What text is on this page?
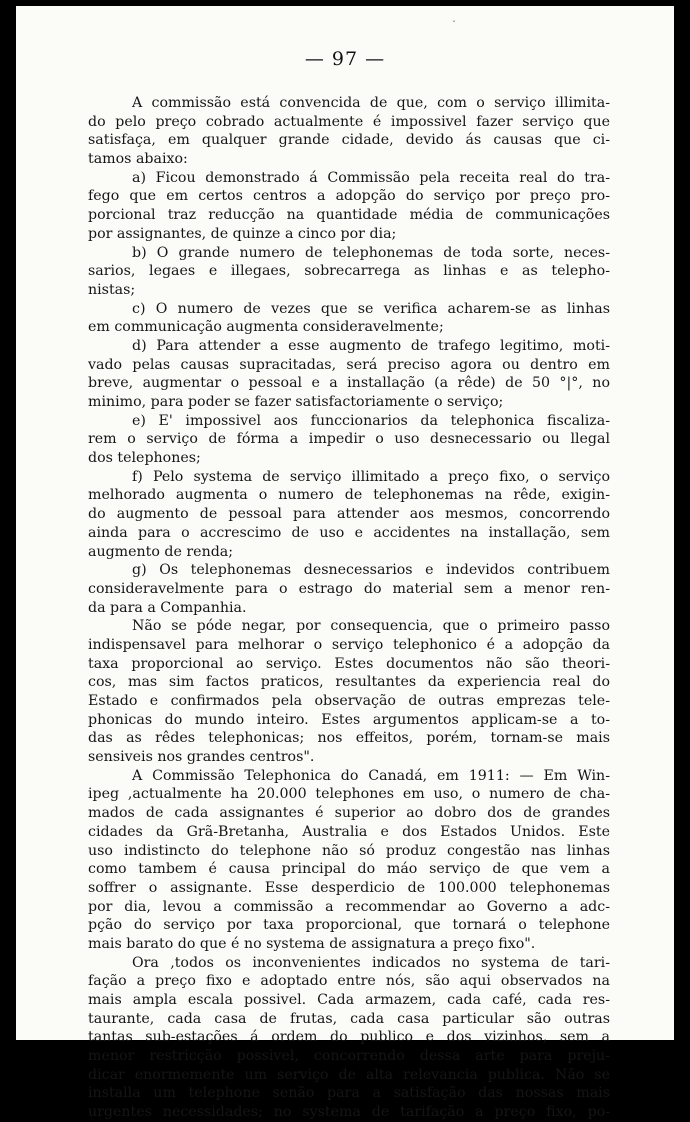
ˇ
— 97 —
A commissão está convencida de que, com o serviço illimita-
do pelo preço cobrado actualmente é impossivel fazer serviço que
satisfaça, em qualquer grande cidade, devido ás causas que ci-
tamos abaixo:
a) Ficou demonstrado á Commissão pela receita real do tra-
fego que em certos centros a adopção do serviço por preço pro-
porcional traz reducção na quantidade média de communicações
por assignantes, de quinze a cinco por dia;
b) O grande numero de telephonemas de toda sorte, neces-
sarios, legaes e illegaes, sobrecarrega as linhas e as telepho-
nistas;
c) O numero de vezes que se verifica acharem-se as linhas
em communicação augmenta consideravelmente;
d) Para attender a esse augmento de trafego legitimo, moti-
vado pelas causas supracitadas, será preciso agora ou dentro em
breve, augmentar o pessoal e a installação (a rêde) de 50 °|°, no
minimo, para poder se fazer satisfactoriamente o serviço;
e) E' impossivel aos funccionarios da telephonica fiscaliza-
rem o serviço de fórma a impedir o uso desnecessario ou llegal
dos telephones;
f) Pelo systema de serviço illimitado a preço fixo, o serviço
melhorado augmenta o numero de telephonemas na rêde, exigin-
do augmento de pessoal para attender aos mesmos, concorrendo
ainda para o accrescimo de uso e accidentes na installação, sem
augmento de renda;
g) Os telephonemas desnecessarios e indevidos contribuem
consideravelmente para o estrago do material sem a menor ren-
da para a Companhia.
Não se póde negar, por consequencia, que o primeiro passo
indispensavel para melhorar o serviço telephonico é a adopção da
taxa proporcional ao serviço. Estes documentos não são theori-
cos, mas sim factos praticos, resultantes da experiencia real do
Estado e confirmados pela observação de outras emprezas tele-
phonicas do mundo inteiro. Estes argumentos applicam-se a to-
das as rêdes telephonicas; nos effeitos, porém, tornam-se mais
sensiveis nos grandes centros".
A Commissão Telephonica do Canadá, em 1911: — Em Win-
ipeg ,actualmente ha 20.000 telephones em uso, o numero de cha-
mados de cada assignantes é superior ao dobro dos de grandes
cidades da Grã-Bretanha, Australia e dos Estados Unidos. Este
uso indistincto do telephone não só produz congestão nas linhas
como tambem é causa principal do máo serviço de que vem a
soffrer o assignante. Esse desperdicio de 100.000 telephonemas
por dia, levou a commissão a recommendar ao Governo a adc-
pção do serviço por taxa proporcional, que tornará o telephone
mais barato do que é no systema de assignatura a preço fixo".
Ora ,todos os inconvenientes indicados no systema de tari-
fação a preço fixo e adoptado entre nós, são aqui observados na
mais ampla escala possivel. Cada armazem, cada café, cada res-
taurante, cada casa de frutas, cada casa particular são outras
tantas sub-estações á ordem do publico e dos vizinhos, sem a
menor restricção possivel, concorrendo dessa arte para preju-
dicar enormemente um serviço de alta relevancia publica. Não se
installa um telephone senão para a satisfação das nossas mais
urgentes necessidades; no systema de tarifação a preço fixo, po-
